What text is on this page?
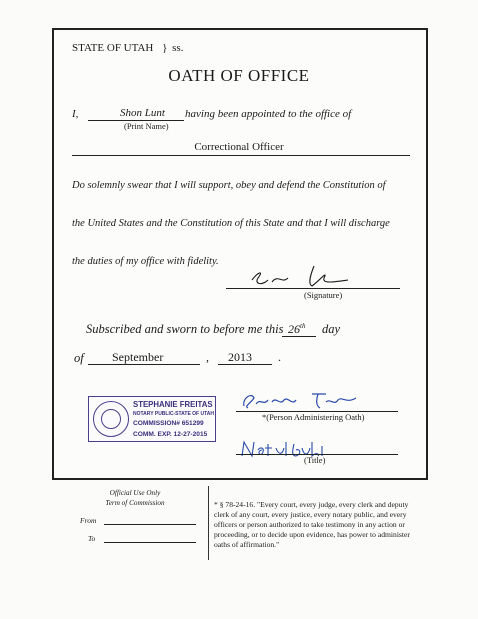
STATE OF UTAH } ss.
OATH OF OFFICE
I,	Shon Lunt
(Print Name)
having been appointed to the office of
Correctional Officer
Do solemnly swear that I will support, obey and defend the Constitution of
the United States and the Constitution of this State and that I will discharge
the duties of my office with fidelity.
(Signature)
Subscribed and sworn to before me this 26th day
of September	, 2013 .
STEPHANIE FREITAS
NOTARY PUBLIC-STATE OF UTAH
COMMISSION# 651299
COMM. EXP. 12-27-2015
*(Person Administering Oath)
(Title)
Official Use Only
Term of Commission
From
To
* § 78-24-16. "Every court, every judge, every clerk and deputy clerk of any court, every justice, every notary public, and every officers or person authorized to take testimony in any action or proceeding, or to decide upon evidence, has power to administer oaths of affirmation."
